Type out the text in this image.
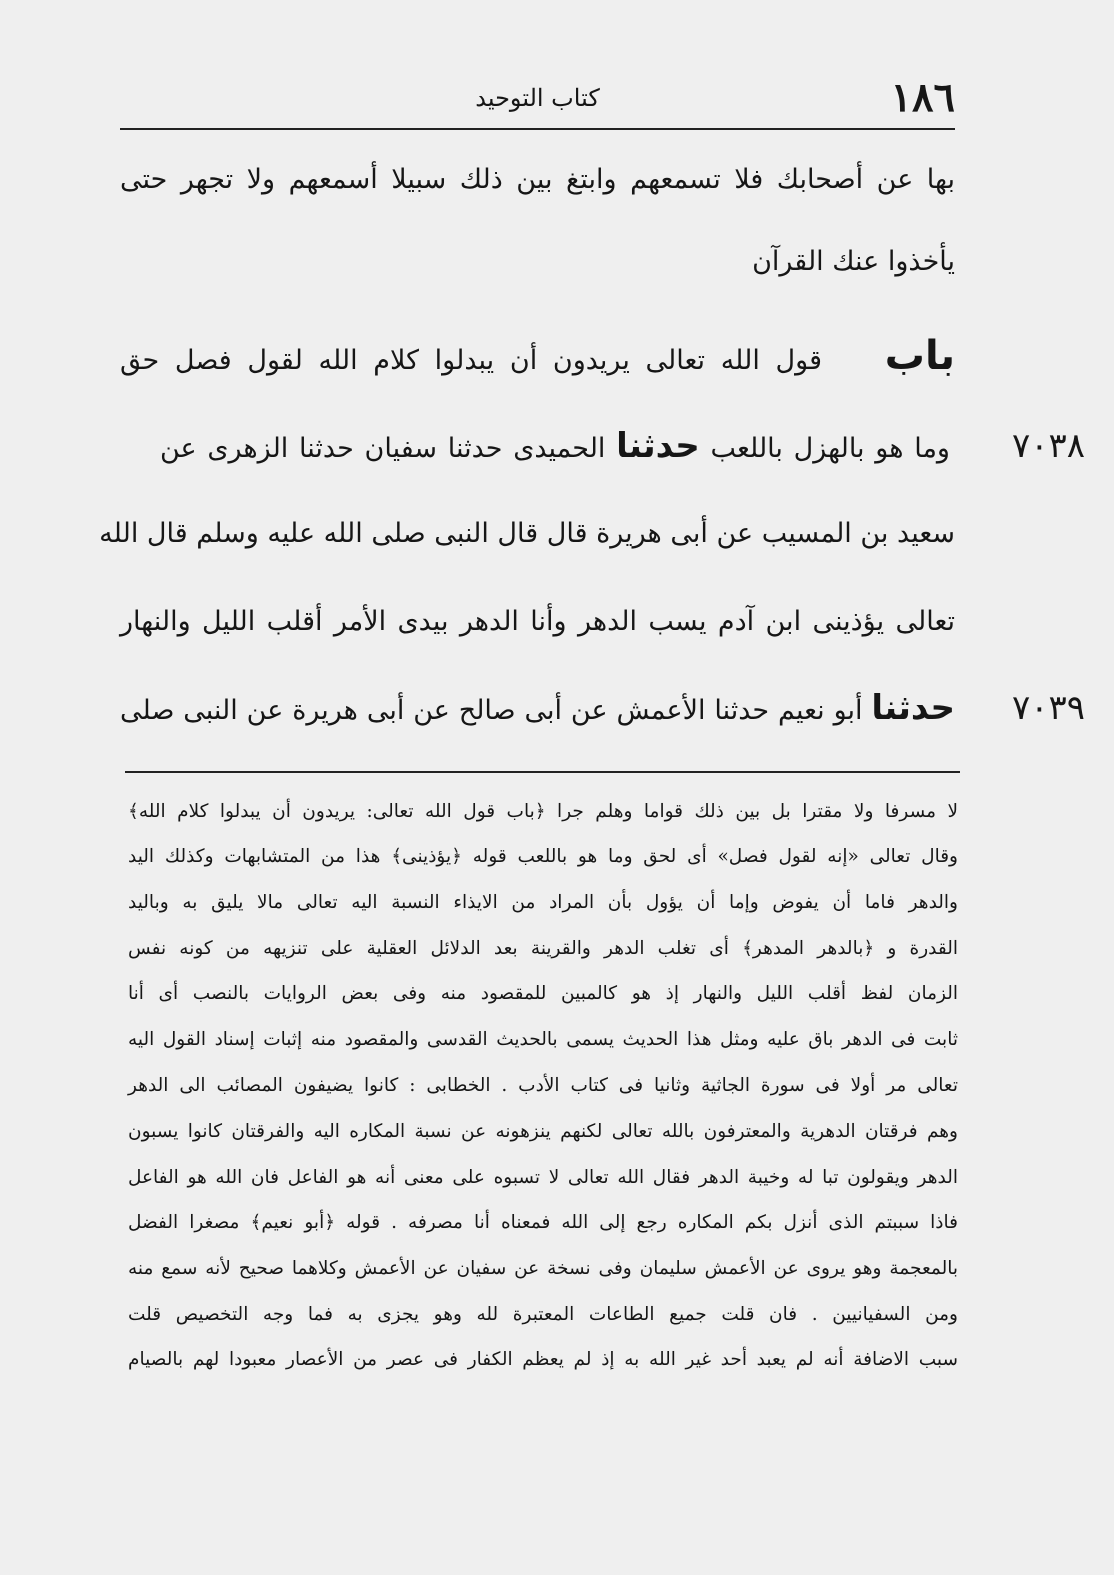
١٨٦
كتاب التوحيد
بها عن أصحابك فلا تسمعهم وابتغ بين ذلك سبيلا أسمعهم ولا تجهر حتى
يأخذوا عنك القرآن
باب    قول الله تعالى يريدون أن يبدلوا كلام الله لقول فصل حق
٧٠٣٨
وما هو بالهزل باللعب حدثنا الحميدى حدثنا سفيان حدثنا الزهرى عن
سعيد بن المسيب عن أبى هريرة قال قال النبى صلى الله عليه وسلم قال الله
تعالى يؤذينى ابن آدم يسب الدهر وأنا الدهر بيدى الأمر أقلب الليل والنهار
٧٠٣٩
حدثنا أبو نعيم حدثنا الأعمش عن أبى صالح عن أبى هريرة عن النبى صلى
لا مسرفا ولا مقترا بل بين ذلك قواما وهلم جرا ﴿باب قول الله تعالى: يريدون أن يبدلوا كلام الله﴾
وقال تعالى «إنه لقول فصل» أى لحق وما هو باللعب قوله ﴿يؤذينى﴾ هذا من المتشابهات وكذلك اليد
والدهر فاما أن يفوض وإما أن يؤول بأن المراد من الايذاء النسبة اليه تعالى مالا يليق به وباليد
القدرة و ﴿بالدهر المدهر﴾ أى تغلب الدهر والقرينة بعد الدلائل العقلية على تنزيهه من كونه نفس
الزمان لفظ أقلب الليل والنهار إذ هو كالمبين للمقصود منه وفى بعض الروايات بالنصب أى أنا
ثابت فى الدهر باق عليه ومثل هذا الحديث يسمى بالحديث القدسى والمقصود منه إثبات إسناد القول اليه
تعالى مر أولا فى سورة الجاثية وثانيا فى كتاب الأدب . الخطابى : كانوا يضيفون المصائب الى الدهر
وهم فرقتان الدهرية والمعترفون بالله تعالى لكنهم ينزهونه عن نسبة المكاره اليه والفرقتان كانوا يسبون
الدهر ويقولون تبا له وخيبة الدهر فقال الله تعالى لا تسبوه على معنى أنه هو الفاعل فان الله هو الفاعل
فاذا سببتم الذى أنزل بكم المكاره رجع إلى الله فمعناه أنا مصرفه . قوله ﴿أبو نعيم﴾ مصغرا الفضل
بالمعجمة وهو يروى عن الأعمش سليمان وفى نسخة عن سفيان عن الأعمش وكلاهما صحيح لأنه سمع منه
ومن السفيانيين . فان قلت جميع الطاعات المعتبرة لله وهو يجزى به فما وجه التخصيص قلت
سبب الاضافة أنه لم يعبد أحد غير الله به إذ لم يعظم الكفار فى عصر من الأعصار معبودا لهم بالصيام
